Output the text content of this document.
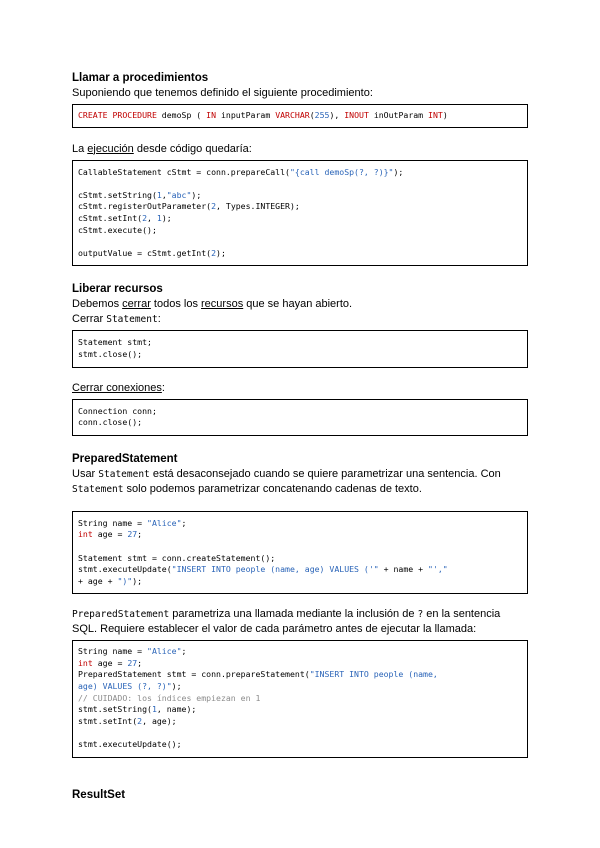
Llamar a procedimientos

Suponiendo que tenemos definido el siguiente procedimiento:

CREATE PROCEDURE demoSp ( IN inputParam VARCHAR(255), INOUT inOutParam INT)

La ejecución desde código quedaría:

CallableStatement cStmt = conn.prepareCall("{call demoSp(?, ?)}");
cStmt.setString(1,"abc");
cStmt.registerOutParameter(2, Types.INTEGER);
cStmt.setInt(2, 1);
cStmt.execute();
outputValue = cStmt.getInt(2);

Liberar recursos

Debemos cerrar todos los recursos que se hayan abierto.

Cerrar Statement:

Statement stmt;
stmt.close();

Cerrar conexiones:

Connection conn;
conn.close();

PreparedStatement

Usar Statement está desaconsejado cuando se quiere parametrizar una sentencia. Con
Statement solo podemos parametrizar concatenando cadenas de texto.

String name = "Alice";
int age = 27;
Statement stmt = conn.createStatement();
stmt.executeUpdate("INSERT INTO people (name, age) VALUES ('" + name + "',"
+ age + ")");

PreparedStatement parametriza una llamada mediante la inclusión de ? en la sentencia
SQL. Requiere establecer el valor de cada parámetro antes de ejecutar la llamada:

String name = "Alice";
int age = 27;
PreparedStatement stmt = conn.prepareStatement("INSERT INTO people (name,
age) VALUES (?, ?)");
// CUIDADO: los índices empiezan en 1
stmt.setString(1, name);
stmt.setInt(2, age);
stmt.executeUpdate();

ResultSet
